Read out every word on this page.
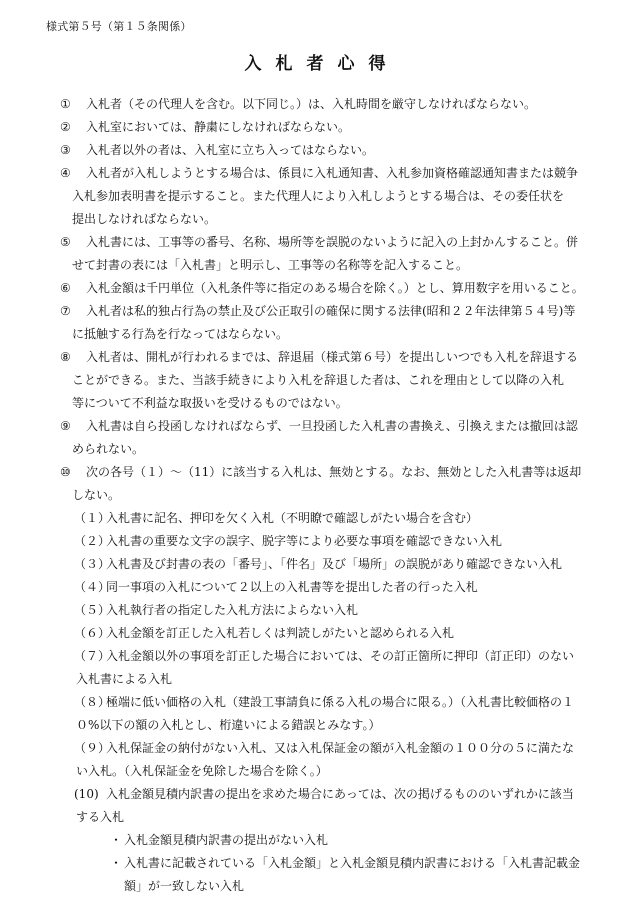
様式第５号（第１５条関係）
入札者心得
①	入札者（その代理人を含む。以下同じ。）は、入札時間を厳守しなければならない。
②	入札室においては、静粛にしなければならない。
③	入札者以外の者は、入札室に立ち入ってはならない。
④	入札者が入札しようとする場合は、係員に入札通知書、入札参加資格確認通知書または競争
入札参加表明書を提示すること。また代理人により入札しようとする場合は、その委任状を
提出しなければならない。
⑤	入札書には、工事等の番号、名称、場所等を誤脱のないように記入の上封かんすること。併
せて封書の表には「入札書」と明示し、工事等の名称等を記入すること。
⑥	入札金額は千円単位（入札条件等に指定のある場合を除く。）とし、算用数字を用いること。
⑦	入札者は私的独占行為の禁止及び公正取引の確保に関する法律(昭和２２年法律第５４号)等
に抵触する行為を行なってはならない。
⑧	入札者は、開札が行われるまでは、辞退届（様式第６号）を提出しいつでも入札を辞退する
ことができる。また、当該手続きにより入札を辞退した者は、これを理由として以降の入札
等について不利益な取扱いを受けるものではない。
⑨	入札書は自ら投函しなければならず、一旦投函した入札書の書換え、引換えまたは撤回は認
められない。
⑩	次の各号（１）～（11）に該当する入札は、無効とする。なお、無効とした入札書等は返却
しない。
（１）
入札書に記名、押印を欠く入札（不明瞭で確認しがたい場合を含む）
（２）
入札書の重要な文字の誤字、脱字等により必要な事項を確認できない入札
（３）
入札書及び封書の表の「番号」、「件名」及び「場所」の誤脱があり確認できない入札
（４）
同一事項の入札について２以上の入札書等を提出した者の行った入札
（５）
入札執行者の指定した入札方法によらない入札
（６）
入札金額を訂正した入札若しくは判読しがたいと認められる入札
（７）
入札金額以外の事項を訂正した場合においては、その訂正箇所に押印（訂正印）のない
入札書による入札
（８）
極端に低い価格の入札（建設工事請負に係る入札の場合に限る。）（入札書比較価格の１
０%以下の額の入札とし、桁違いによる錯誤とみなす。）
（９）
入札保証金の納付がない入札、又は入札保証金の額が入札金額の１００分の５に満たな
い入札。（入札保証金を免除した場合を除く。）
(10) 入札金額見積内訳書の提出を求めた場合にあっては、次の掲げるもののいずれかに該当
する入札
・ 入札金額見積内訳書の提出がない入札
・ 入札書に記載されている「入札金額」と入札金額見積内訳書における「入札書記載金
額」が一致しない入札
